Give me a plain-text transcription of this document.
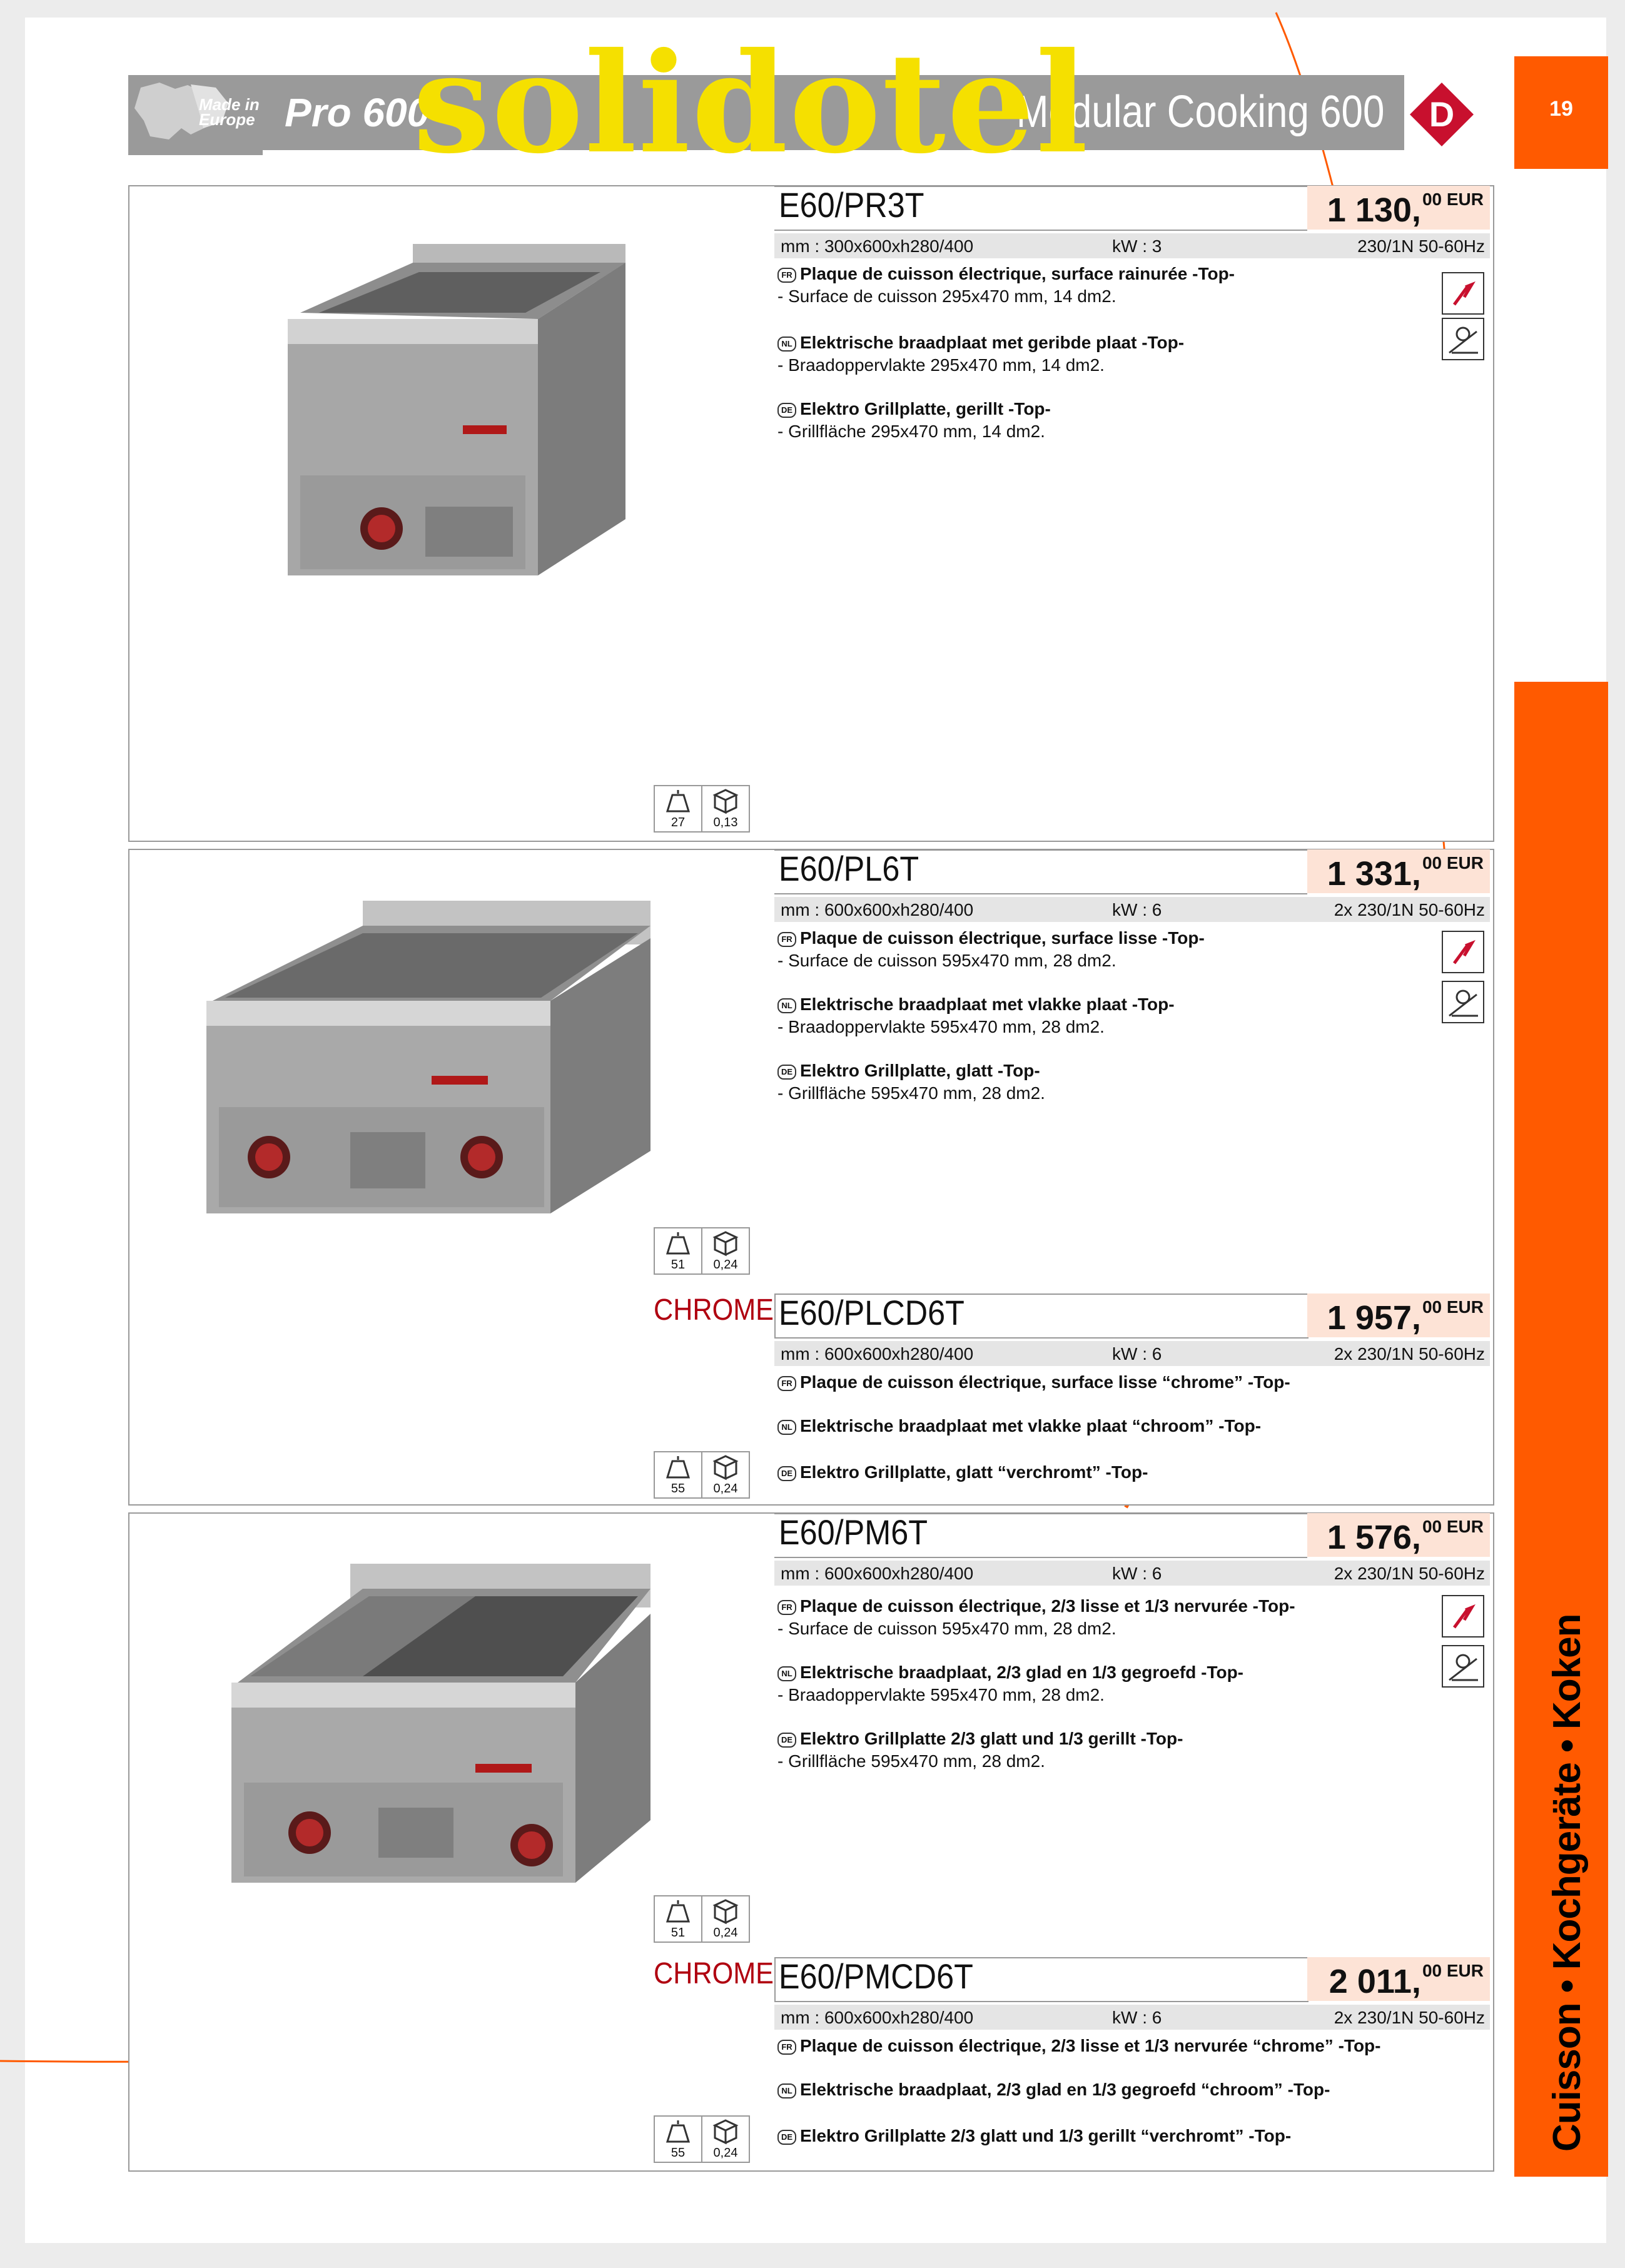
Made in Europe Pro 600	Modular Cooking 600
solidotel	D	19
Cuisson • Kochgeräte • Koken
E60/PR3T	1 130,$^{00 EUR}$
mm : 300x600xh280/400	kW : 3	230/1N 50-60Hz
FR Plaque de cuisson électrique, surface rainurée -Top-
- Surface de cuisson 295x470 mm, 14 dm2.
NL Elektrische braadplaat met geribde plaat -Top-
- Braadoppervlakte 295x470 mm, 14 dm2.
DE Elektro Grillplatte, gerillt -Top-
- Grillfläche 295x470 mm, 14 dm2.
27	0,13
E60/PL6T	1 331,$^{00 EUR}$
mm : 600x600xh280/400	kW : 6	2x 230/1N 50-60Hz
FR Plaque de cuisson électrique, surface lisse -Top-
- Surface de cuisson 595x470 mm, 28 dm2.
NL Elektrische braadplaat met vlakke plaat -Top-
- Braadoppervlakte 595x470 mm, 28 dm2.
DE Elektro Grillplatte, glatt -Top-
- Grillfläche 595x470 mm, 28 dm2.
51	0,24
CHROME E60/PLCD6T	1 957,$^{00 EUR}$
mm : 600x600xh280/400	kW : 6	2x 230/1N 50-60Hz
FR Plaque de cuisson électrique, surface lisse “chrome” -Top-
NL Elektrische braadplaat met vlakke plaat “chroom” -Top-
DE Elektro Grillplatte, glatt “verchromt” -Top-
55	0,24
E60/PM6T	1 576,$^{00 EUR}$
mm : 600x600xh280/400	kW : 6	2x 230/1N 50-60Hz
FR Plaque de cuisson électrique, 2/3 lisse et 1/3 nervurée -Top-
- Surface de cuisson 595x470 mm, 28 dm2.
NL Elektrische braadplaat, 2/3 glad en 1/3 gegroefd -Top-
- Braadoppervlakte 595x470 mm, 28 dm2.
DE Elektro Grillplatte 2/3 glatt und 1/3 gerillt -Top-
- Grillfläche 595x470 mm, 28 dm2.
51	0,24
CHROME E60/PMCD6T	2 011,$^{00 EUR}$
mm : 600x600xh280/400	kW : 6	2x 230/1N 50-60Hz
FR Plaque de cuisson électrique, 2/3 lisse et 1/3 nervurée “chrome” -Top-
NL Elektrische braadplaat, 2/3 glad en 1/3 gegroefd “chroom” -Top-
DE Elektro Grillplatte 2/3 glatt und 1/3 gerillt “verchromt” -Top-
55	0,24
